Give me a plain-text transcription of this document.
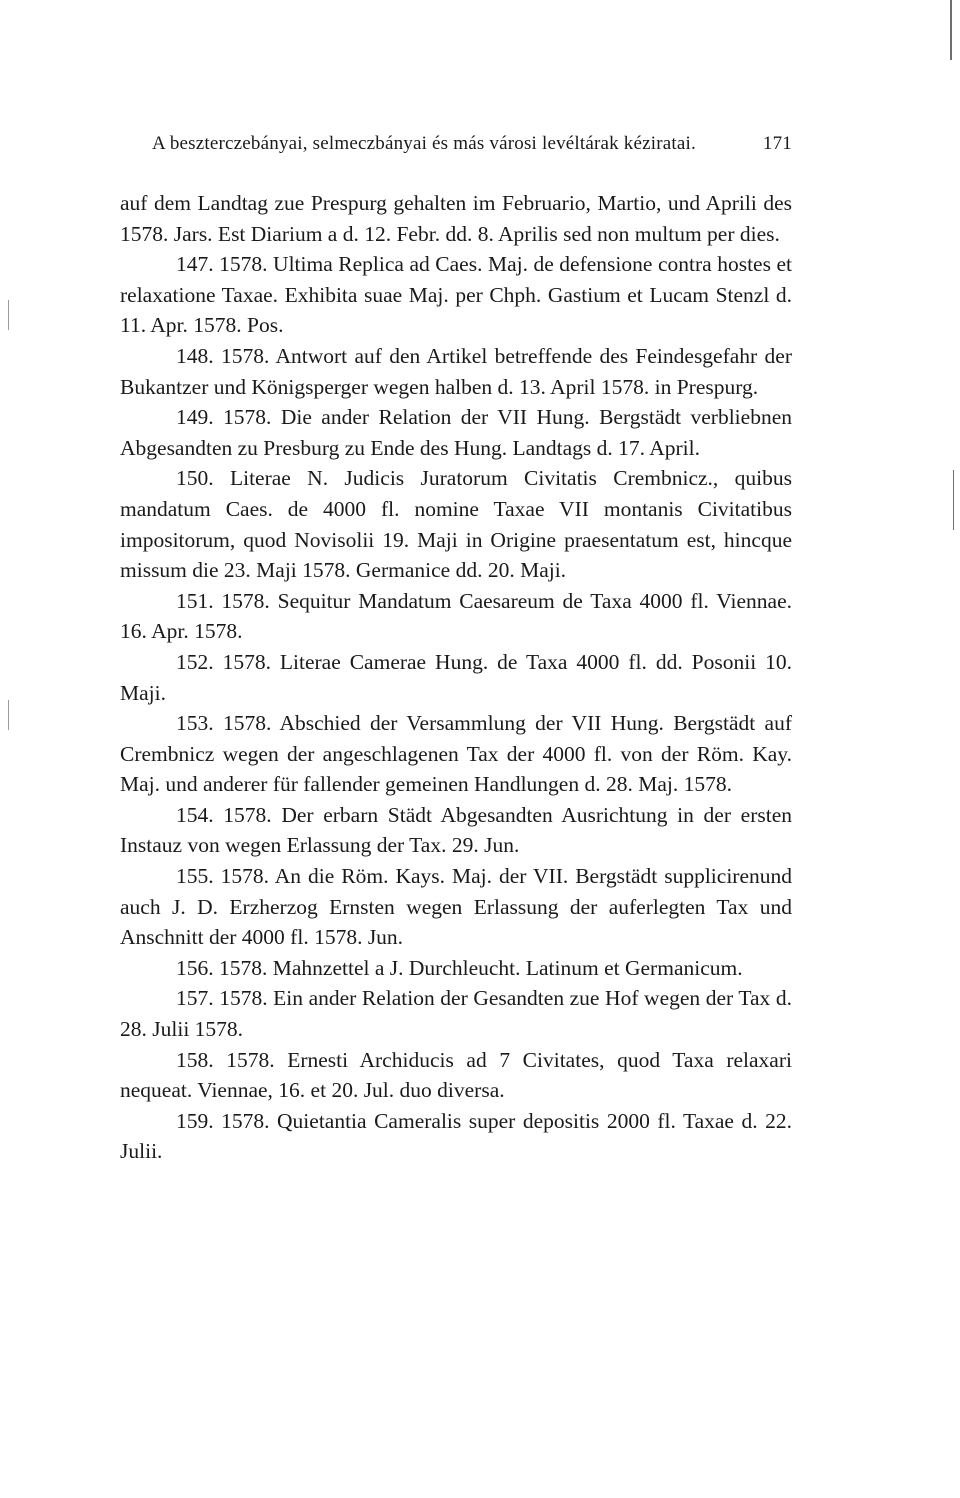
A beszterczebányai, selmeczbányai és más városi levéltárak kéziratai.	171

auf dem Landtag zue Prespurg gehalten im Februario, Martio, und Aprili des 1578. Jars. Est Diarium a d. 12. Febr. dd. 8. Aprilis sed non multum per dies.

147. 1578. Ultima Replica ad Caes. Maj. de defensione contra hostes et relaxatione Taxae. Exhibita suae Maj. per Chph. Gastium et Lucam Stenzl d. 11. Apr. 1578. Pos.

148. 1578. Antwort auf den Artikel betreffende des Feindesgefahr der Bukantzer und Königsperger wegen halben d. 13. April 1578. in Prespurg.

149. 1578. Die ander Relation der VII Hung. Bergstädt verbliebnen Abgesandten zu Presburg zu Ende des Hung. Landtags d. 17. April.

150. Literae N. Judicis Juratorum Civitatis Crembnicz., quibus mandatum Caes. de 4000 fl. nomine Taxae VII montanis Civitatibus impositorum, quod Novisolii 19. Maji in Origine praesentatum est, hincque missum die 23. Maji 1578. Germanice dd. 20. Maji.

151. 1578. Sequitur Mandatum Caesareum de Taxa 4000 fl. Viennae. 16. Apr. 1578.

152. 1578. Literae Camerae Hung. de Taxa 4000 fl. dd. Posonii 10. Maji.

153. 1578. Abschied der Versammlung der VII Hung. Bergstädt auf Crembnicz wegen der angeschlagenen Tax der 4000 fl. von der Röm. Kay. Maj. und anderer für fallender gemeinen Handlungen d. 28. Maj. 1578.

154. 1578. Der erbarn Städt Abgesandten Ausrichtung in der ersten Instauz von wegen Erlassung der Tax. 29. Jun.

155. 1578. An die Röm. Kays. Maj. der VII. Bergstädt supplicirenund auch J. D. Erzherzog Ernsten wegen Erlassung der auferlegten Tax und Anschnitt der 4000 fl. 1578. Jun.

156. 1578. Mahnzettel a J. Durchleucht. Latinum et Germanicum.

157. 1578. Ein ander Relation der Gesandten zue Hof wegen der Tax d. 28. Julii 1578.

158. 1578. Ernesti Archiducis ad 7 Civitates, quod Taxa relaxari nequeat. Viennae, 16. et 20. Jul. duo diversa.

159. 1578. Quietantia Cameralis super depositis 2000 fl. Taxae d. 22. Julii.
